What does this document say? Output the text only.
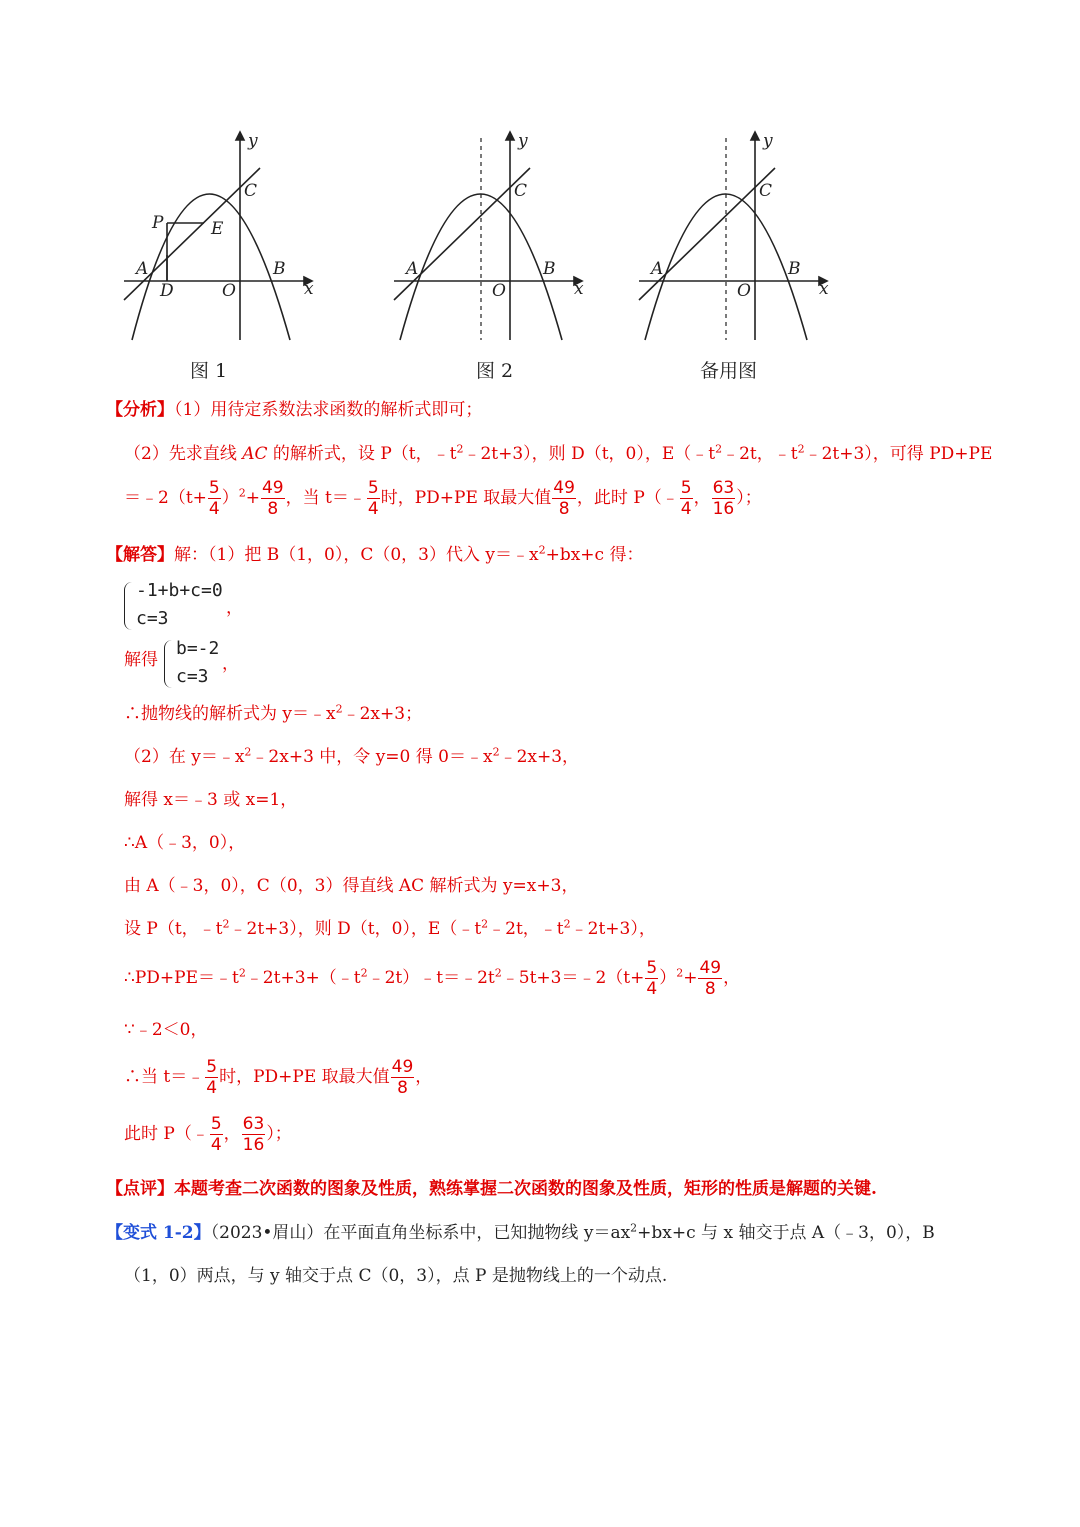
y
x
C
A	B
O
D
E
P
图 1
y
x
C
A	B
O
图 2
y
x
C
A	B
O
备用图
【分析】（1）用待定系数法求函数的解析式即可；
（2）先求直线 AC 的解析式，设 P（t，$﹣t^2﹣2t+3$），则 D（t，0），$E(﹣t^2﹣2t$，$﹣t^2﹣2t+3$），可得 PD+PE
＝﹣2（t+ $\frac{5}{4} )^2+ \frac{49}{8}$ ，当 t＝﹣ $\frac{5}{4}$ 时，PD+PE 取最大值 $\frac{49}{8}$ ，此时 P（﹣ $\frac{5}{4}$ ， $\frac{63}{16}$ ）；
【解答】解：（1）把 B（1，0），C（0，3）代入 $y=﹣x^2+bx+c$ 得：
-1+b+c=0
c=3	，
解得
b=-2
c=3
，
∴抛物线的解析式为 $y=﹣x^2﹣2x+3$；
（2）在 $y=﹣x^2﹣2x+3$ 中，令 y=0 得 $0=﹣x^2﹣2x+3$，
解得 x＝﹣3 或 x=1，
∴A（﹣3，0），
由 A（﹣3，0），C（0，3）得直线 AC 解析式为 y=x+3，
设 P（t，$﹣t^2﹣2t+3$），则 D（t，0），$E(﹣t^2﹣2t$，$﹣t^2﹣2t+3$），
$\therefore PD+PE=﹣t^2﹣2t+3+(﹣t^2﹣2t)﹣t=﹣2t^2﹣5t+3=﹣2(t+ \frac{5}{4} )^2+ \frac{49}{8}$ ，
∵﹣2＜0，
∴当 t＝﹣ $\frac{5}{4}$ 时，PD+PE 取最大值 $\frac{49}{8}$ ，
此时 P（﹣ $\frac{5}{4}$ ， $\frac{63}{16}$ ）；
【点评】本题考查二次函数的图象及性质，熟练掌握二次函数的图象及性质，矩形的性质是解题的关键.
【变式 1-2】（2023•眉山）在平面直角坐标系中，已知抛物线 $y=ax^2+bx+c$ 与 x 轴交于点 A（﹣3，0），B
（1，0）两点，与 y 轴交于点 C（0，3），点 P 是抛物线上的一个动点.
